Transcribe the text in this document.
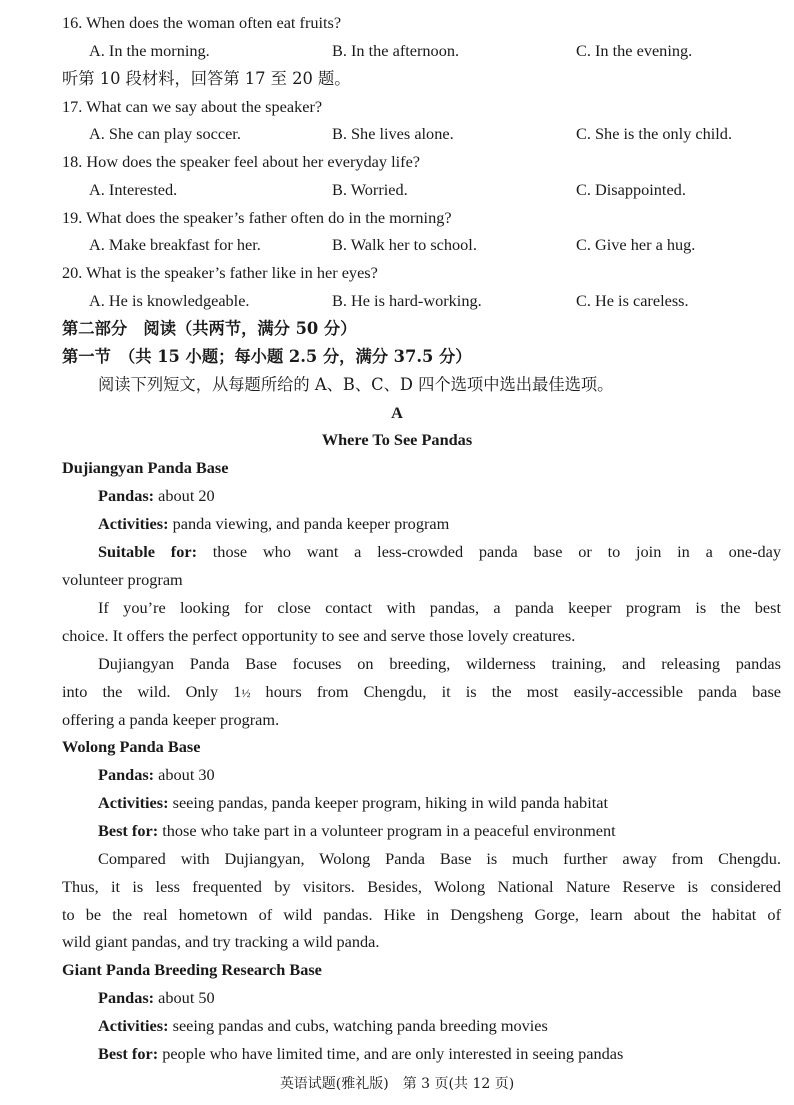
16. When does the woman often eat fruits?
A. In the morning.	B. In the afternoon.	C. In the evening.
听第 10 段材料，回答第 17 至 20 题。
17. What can we say about the speaker?
A. She can play soccer.	B. She lives alone.	C. She is the only child.
18. How does the speaker feel about her everyday life?
A. Interested.	B. Worried.	C. Disappointed.
19. What does the speaker’s father often do in the morning?
A. Make breakfast for her.	B. Walk her to school.	C. Give her a hug.
20. What is the speaker’s father like in her eyes?
A. He is knowledgeable.	B. He is hard-working.	C. He is careless.
第二部分　阅读（共两节，满分 50 分）
第一节　（共 15 小题；每小题 2.5 分，满分 37.5 分）
阅读下列短文，从每题所给的 A、B、C、D 四个选项中选出最佳选项。
A
Where To See Pandas
Dujiangyan Panda Base
Pandas: about 20
Activities: panda viewing, and panda keeper program
Suitable for: those who want a less-crowded panda base or to join in a one-day
volunteer program
If you’re looking for close contact with pandas, a panda keeper program is the best
choice. It offers the perfect opportunity to see and serve those lovely creatures.
Dujiangyan Panda Base focuses on breeding, wilderness training, and releasing pandas
into the wild. Only 1½ hours from Chengdu, it is the most easily-accessible panda base
offering a panda keeper program.
Wolong Panda Base
Pandas: about 30
Activities: seeing pandas, panda keeper program, hiking in wild panda habitat
Best for: those who take part in a volunteer program in a peaceful environment
Compared with Dujiangyan, Wolong Panda Base is much further away from Chengdu.
Thus, it is less frequented by visitors. Besides, Wolong National Nature Reserve is considered
to be the real hometown of wild pandas. Hike in Dengsheng Gorge, learn about the habitat of
wild giant pandas, and try tracking a wild panda.
Giant Panda Breeding Research Base
Pandas: about 50
Activities: seeing pandas and cubs, watching panda breeding movies
Best for: people who have limited time, and are only interested in seeing pandas
英语试题(雅礼版)　第 3 页(共 12 页)
